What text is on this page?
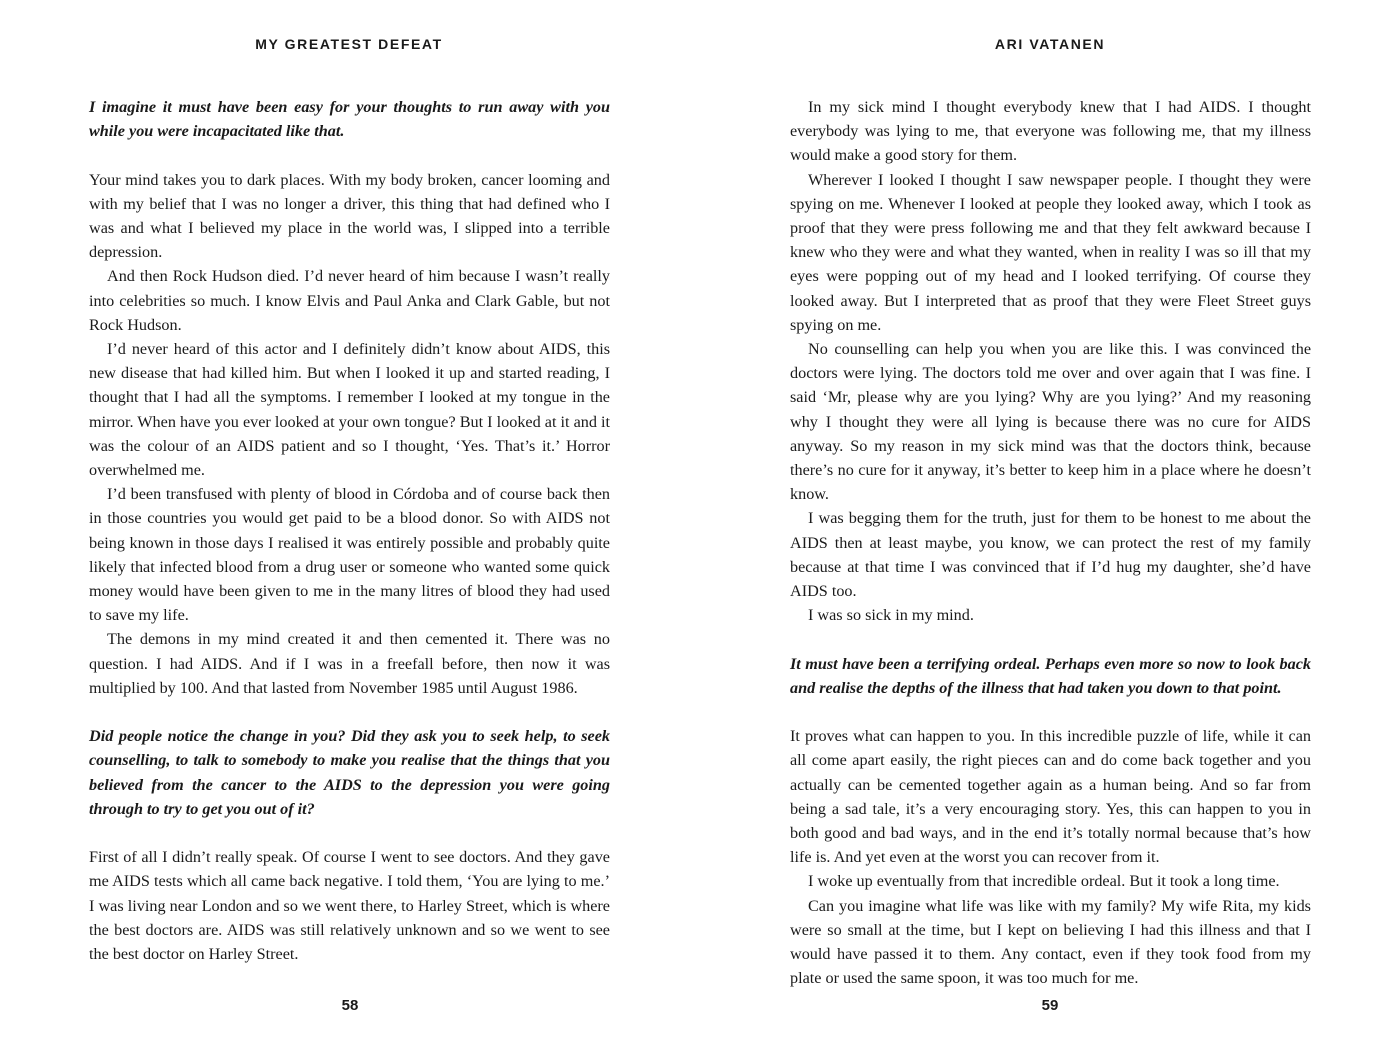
MY GREATEST DEFEAT

I imagine it must have been easy for your thoughts to run away with you while you were incapacitated like that.

Your mind takes you to dark places. With my body broken, cancer looming and with my belief that I was no longer a driver, this thing that had defined who I was and what I believed my place in the world was, I slipped into a terrible depression.

And then Rock Hudson died. I’d never heard of him because I wasn’t really into celebrities so much. I know Elvis and Paul Anka and Clark Gable, but not Rock Hudson.

I’d never heard of this actor and I definitely didn’t know about AIDS, this new disease that had killed him. But when I looked it up and started reading, I thought that I had all the symptoms. I remember I looked at my tongue in the mirror. When have you ever looked at your own tongue? But I looked at it and it was the colour of an AIDS patient and so I thought, ‘Yes. That’s it.’ Horror overwhelmed me.

I’d been transfused with plenty of blood in Córdoba and of course back then in those countries you would get paid to be a blood donor. So with AIDS not being known in those days I realised it was entirely possible and probably quite likely that infected blood from a drug user or someone who wanted some quick money would have been given to me in the many litres of blood they had used to save my life.

The demons in my mind created it and then cemented it. There was no question. I had AIDS. And if I was in a freefall before, then now it was multiplied by 100. And that lasted from November 1985 until August 1986.

Did people notice the change in you? Did they ask you to seek help, to seek counselling, to talk to somebody to make you realise that the things that you believed from the cancer to the AIDS to the depression you were going through to try to get you out of it?

First of all I didn’t really speak. Of course I went to see doctors. And they gave me AIDS tests which all came back negative. I told them, ‘You are lying to me.’ I was living near London and so we went there, to Harley Street, which is where the best doctors are. AIDS was still relatively unknown and so we went to see the best doctor on Harley Street.

58
ARI VATANEN

In my sick mind I thought everybody knew that I had AIDS. I thought everybody was lying to me, that everyone was following me, that my illness would make a good story for them.

Wherever I looked I thought I saw newspaper people. I thought they were spying on me. Whenever I looked at people they looked away, which I took as proof that they were press following me and that they felt awkward because I knew who they were and what they wanted, when in reality I was so ill that my eyes were popping out of my head and I looked terrifying. Of course they looked away. But I interpreted that as proof that they were Fleet Street guys spying on me.

No counselling can help you when you are like this. I was convinced the doctors were lying. The doctors told me over and over again that I was fine. I said ‘Mr, please why are you lying? Why are you lying?’ And my reasoning why I thought they were all lying is because there was no cure for AIDS anyway. So my reason in my sick mind was that the doctors think, because there’s no cure for it anyway, it’s better to keep him in a place where he doesn’t know.

I was begging them for the truth, just for them to be honest to me about the AIDS then at least maybe, you know, we can protect the rest of my family because at that time I was convinced that if I’d hug my daughter, she’d have AIDS too.

I was so sick in my mind.

It must have been a terrifying ordeal. Perhaps even more so now to look back and realise the depths of the illness that had taken you down to that point.

It proves what can happen to you. In this incredible puzzle of life, while it can all come apart easily, the right pieces can and do come back together and you actually can be cemented together again as a human being. And so far from being a sad tale, it’s a very encouraging story. Yes, this can happen to you in both good and bad ways, and in the end it’s totally normal because that’s how life is. And yet even at the worst you can recover from it.

I woke up eventually from that incredible ordeal. But it took a long time.

Can you imagine what life was like with my family? My wife Rita, my kids were so small at the time, but I kept on believing I had this illness and that I would have passed it to them. Any contact, even if they took food from my plate or used the same spoon, it was too much for me.

59
